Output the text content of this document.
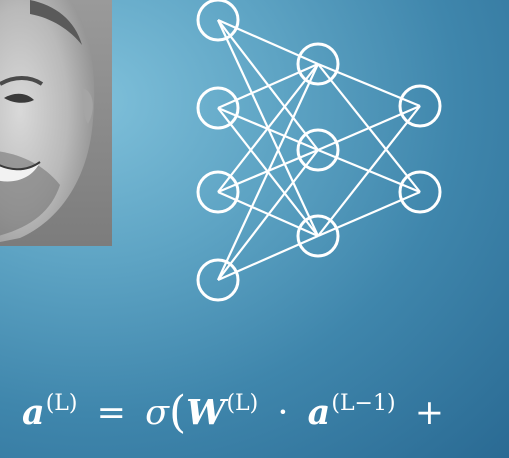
$a^{(L)} = \sigma(W^{(L)} \cdot a^{(L-1)}$ +
